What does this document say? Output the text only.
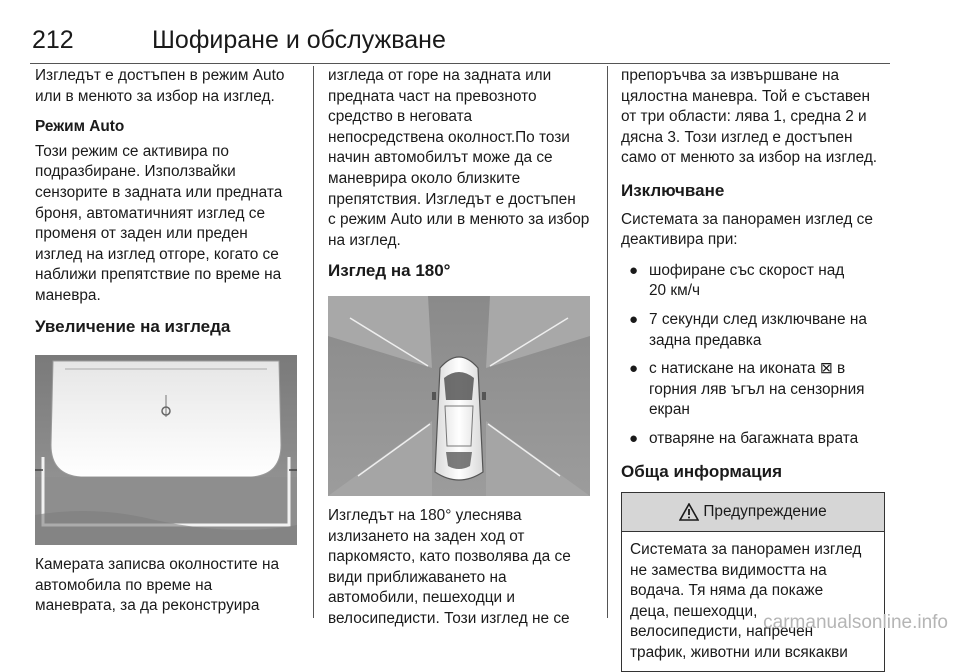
212	Шофиране и обслужване

Изгледът е достъпен в режим Auto
или в менюто за избор на изглед.

Режим Auto

Този режим се активира по
подразбиране. Използвайки
сензорите в задната или предната
броня, автоматичният изглед се
променя от заден или преден
изглед на изглед отгоре, когато се
наближи препятствие по време на
маневрa.

Увеличение на изгледа

Камерата записва околностите на
автомобила по време на
маневрата, за да реконструира

изгледа от горе на задната или
предната част на превозното
средство в неговата
непосредствена околност.По този
начин автомобилът може да се
маневрира около близките
препятствия. Изгледът е достъпен
с режим Auto или в менюто за избор
на изглед.

Изглед на 180°

Изгледът на 180° улеснява
излизането на заден ход от
паркомясто, като позволява да се
види приближаването на
автомобили, пешеходци и
велосипедисти. Този изглед не се

препоръчва за извършване на
цялостна маневра. Той е съставен
от три области: лява 1, средна 2 и
дясна 3. Този изглед е достъпен
само от менюто за избор на изглед.

Изключване

Системата за панорамен изглед се
деактивира при:

● шофиране със скорост над
20 км/ч
● 7 секунди след изключване на
задна предавка
● с натискане на иконата ⊠ в
горния ляв ъгъл на сензорния
екран
● отваряне на багажната врата
Обща информация
Предупреждение
Системата за панорамен изглед
не замества видимостта на
водача. Тя няма да покаже
деца, пешеходци,
велосипедисти, напречен
трафик, животни или всякакви
carmanualsonline.info
